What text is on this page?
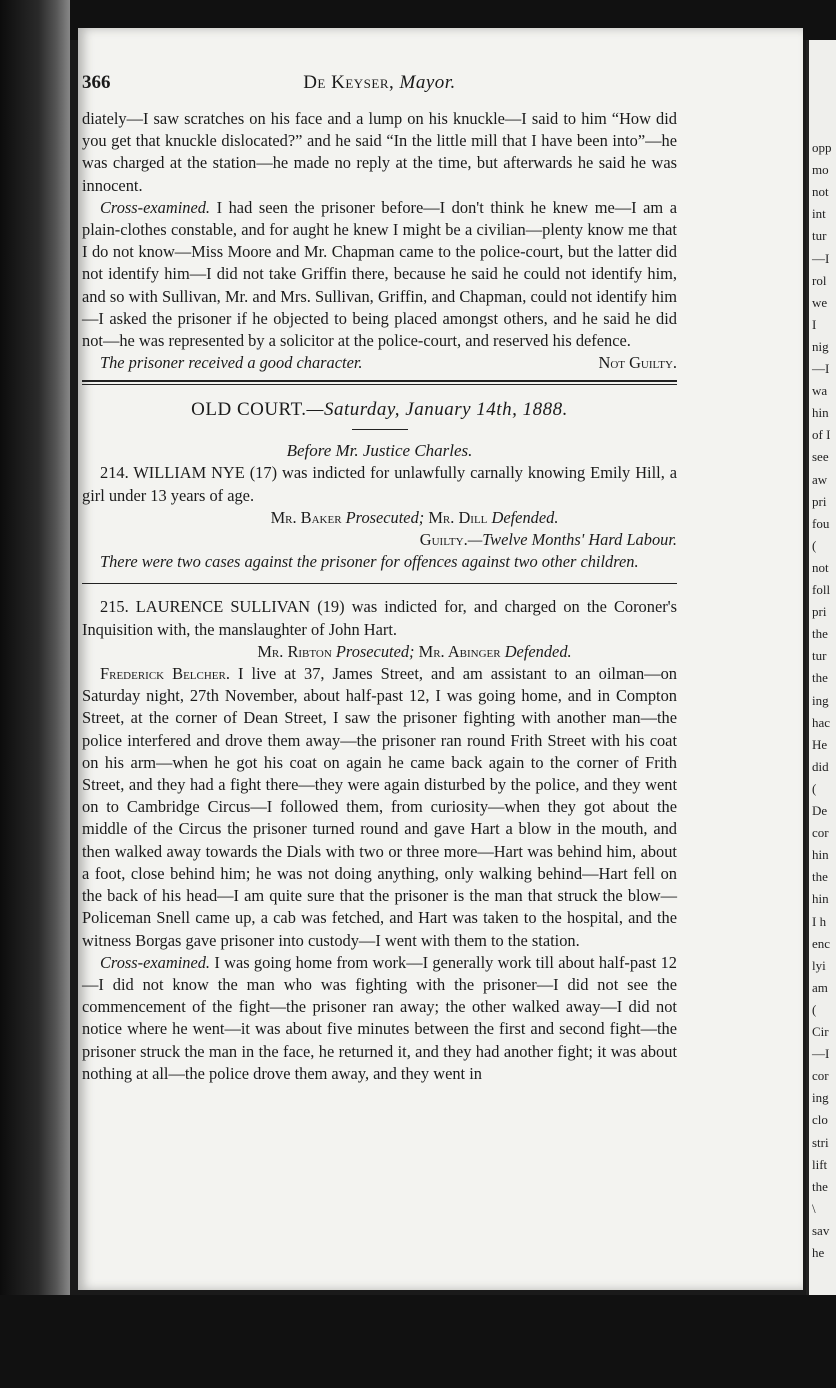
opp
mo
not
int
tur
—I
rol
we
I
nig
—I
wa
hin
of I
see
aw
pri
fou
(
not
foll
pri
the
tur
the
ing
hac
He
did
(
De
cor
hin
the
hin
I h
enc
lyi
am
(
Cir
—I
cor
ing
clo
stri
lift
the
\
sav
he
366	De Keyser, Mayor.

diately—I saw scratches on his face and a lump on his knuckle—I said to him “How did you get that knuckle dislocated?” and he said “In the little mill that I have been into”—he was charged at the station—he made no reply at the time, but afterwards he said he was innocent.

Cross-examined. I had seen the prisoner before—I don't think he knew me—I am a plain-clothes constable, and for aught he knew I might be a civilian—plenty know me that I do not know—Miss Moore and Mr. Chapman came to the police-court, but the latter did not identify him—I did not take Griffin there, because he said he could not identify him, and so with Sullivan, Mr. and Mrs. Sullivan, Griffin, and Chapman, could not identify him—I asked the prisoner if he objected to being placed amongst others, and he said he did not—he was represented by a solicitor at the police-court, and reserved his defence.

The prisoner received a good character.	Not Guilty.
OLD COURT.—Saturday, January 14th, 1888.
Before Mr. Justice Charles.

214. WILLIAM NYE (17) was indicted for unlawfully carnally knowing Emily Hill, a girl under 13 years of age.

Mr. Baker Prosecuted; Mr. Dill Defended.
Guilty.—Twelve Months' Hard Labour.

There were two cases against the prisoner for offences against two other children.

215. LAURENCE SULLIVAN (19) was indicted for, and charged on the Coroner's Inquisition with, the manslaughter of John Hart.

Mr. Ribton Prosecuted; Mr. Abinger Defended.

Frederick Belcher. I live at 37, James Street, and am assistant to an oilman—on Saturday night, 27th November, about half-past 12, I was going home, and in Compton Street, at the corner of Dean Street, I saw the prisoner fighting with another man—the police interfered and drove them away—the prisoner ran round Frith Street with his coat on his arm—when he got his coat on again he came back again to the corner of Frith Street, and they had a fight there—they were again disturbed by the police, and they went on to Cambridge Circus—I followed them, from curiosity—when they got about the middle of the Circus the prisoner turned round and gave Hart a blow in the mouth, and then walked away towards the Dials with two or three more—Hart was behind him, about a foot, close behind him; he was not doing anything, only walking behind—Hart fell on the back of his head—I am quite sure that the prisoner is the man that struck the blow—Policeman Snell came up, a cab was fetched, and Hart was taken to the hospital, and the witness Borgas gave prisoner into custody—I went with them to the station.

Cross-examined. I was going home from work—I generally work till about half-past 12—I did not know the man who was fighting with the prisoner—I did not see the commencement of the fight—the prisoner ran away; the other walked away—I did not notice where he went—it was about five minutes between the first and second fight—the prisoner struck the man in the face, he returned it, and they had another fight; it was about nothing at all—the police drove them away, and they went in
